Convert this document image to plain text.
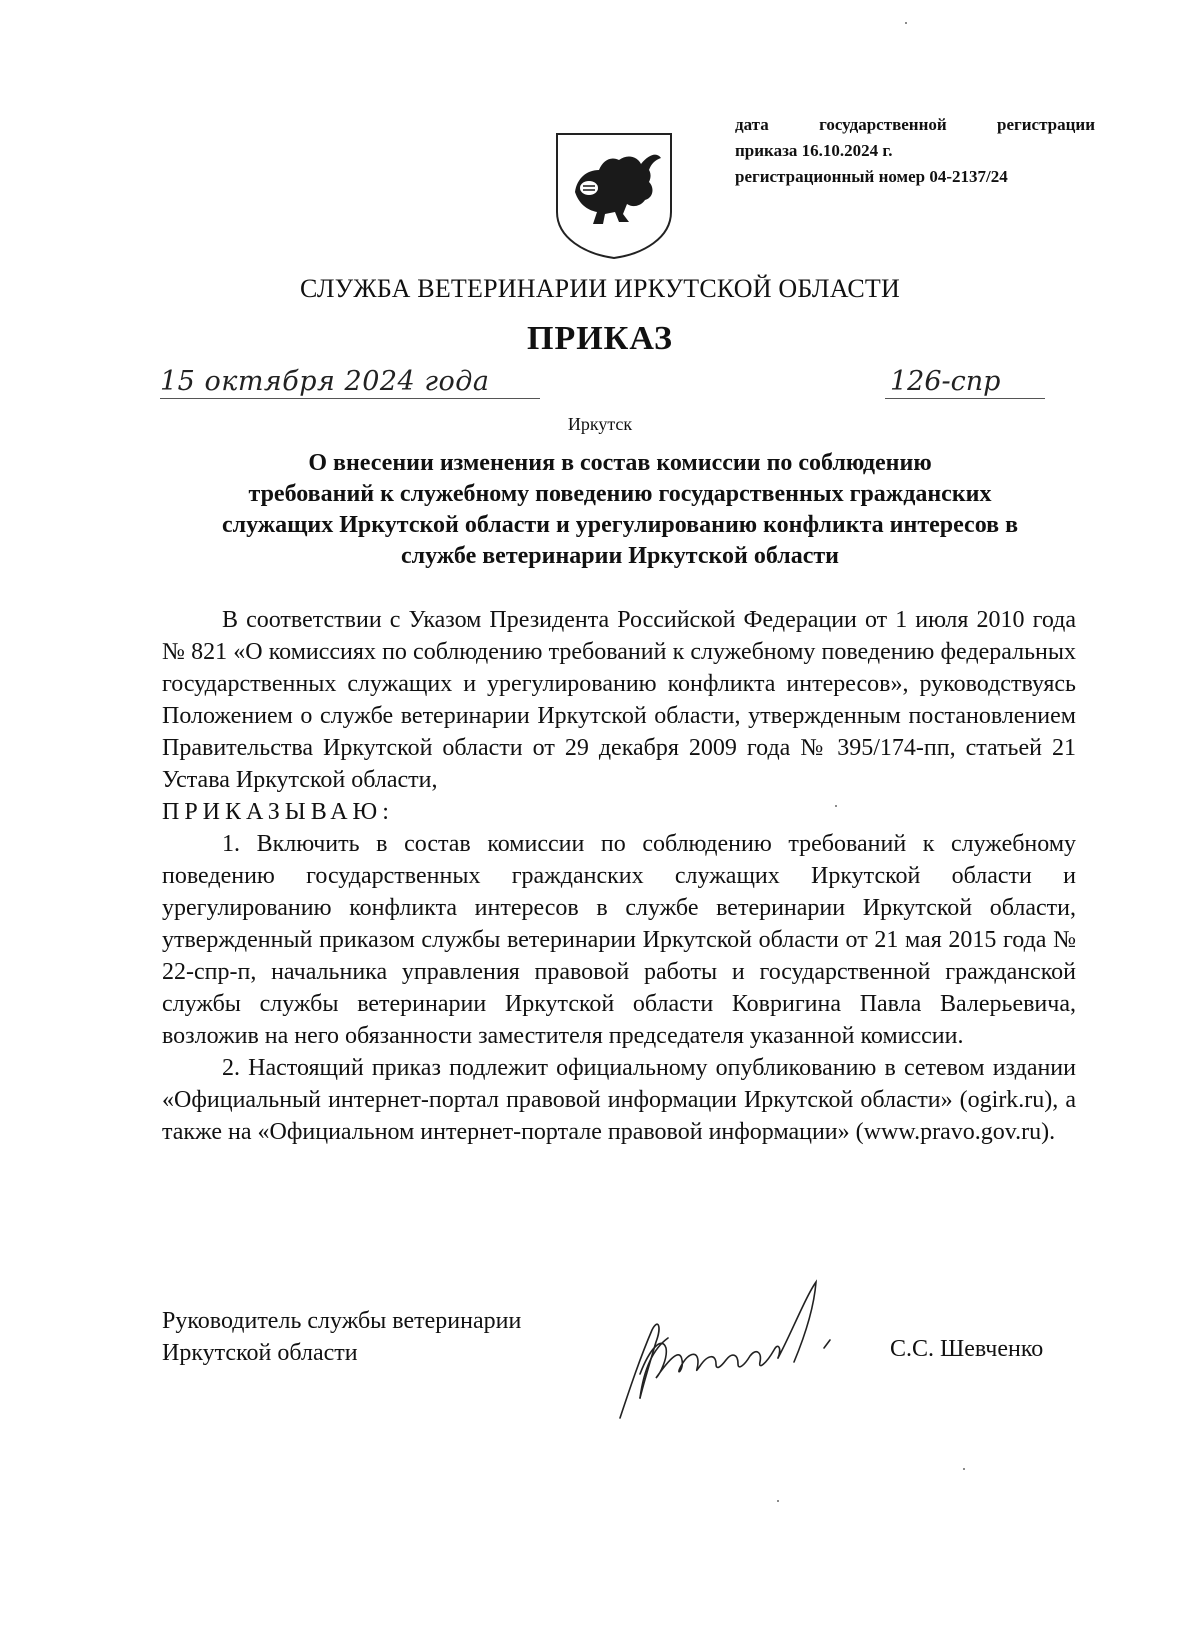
дата государственной регистрации
приказа 16.10.2024 г.
регистрационный номер 04-2137/24
СЛУЖБА ВЕТЕРИНАРИИ ИРКУТСКОЙ ОБЛАСТИ
ПРИКАЗ
15 октября 2024 года	126-спр
Иркутск
О внесении изменения в состав комиссии по соблюдению
требований к служебному поведению государственных гражданских
служащих Иркутской области и урегулированию конфликта интересов в
службе ветеринарии Иркутской области

В соответствии с Указом Президента Российской Федерации от 1 июля 2010 года № 821 «О комиссиях по соблюдению требований к служебному поведению федеральных государственных служащих и урегулированию конфликта интересов», руководствуясь Положением о службе ветеринарии Иркутской области, утвержденным постановлением Правительства Иркутской области от 29 декабря 2009 года № 395/174-пп, статьей 21 Устава Иркутской области,

ПРИКАЗЫВАЮ:

1. Включить в состав комиссии по соблюдению требований к служебному поведению государственных гражданских служащих Иркутской области и урегулированию конфликта интересов в службе ветеринарии Иркутской области, утвержденный приказом службы ветеринарии Иркутской области от 21 мая 2015 года № 22-спр-п, начальника управления правовой работы и государственной гражданской службы службы ветеринарии Иркутской области Ковригина Павла Валерьевича, возложив на него обязанности заместителя председателя указанной комиссии.

2. Настоящий приказ подлежит официальному опубликованию в сетевом издании «Официальный интернет-портал правовой информации Иркутской области» (ogirk.ru), а также на «Официальном интернет-портале правовой информации» (www.pravo.gov.ru).

Руководитель службы ветеринарии
Иркутской области	С.С. Шевченко
